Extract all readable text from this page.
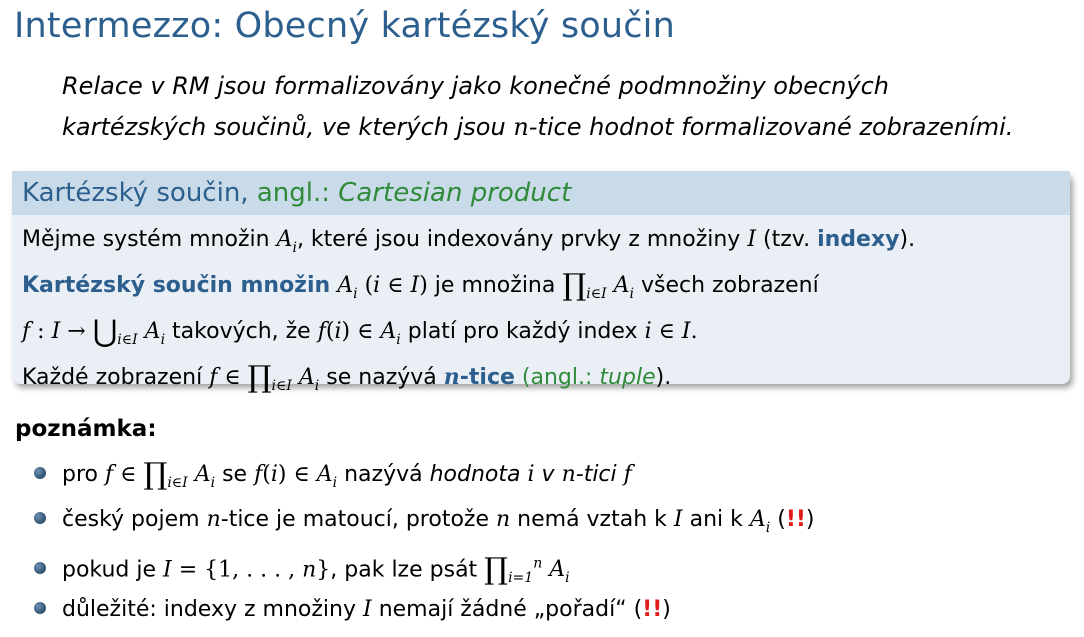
Intermezzo: Obecný kartézský součin
Relace v RM jsou formalizovány jako konečné podmnožiny obecných
kartézských součinů, ve kterých jsou n-tice hodnot formalizované zobrazeními.
Kartézský součin, angl.: Cartesian product
Mějme systém množin $A_i$, které jsou indexovány prvky z množiny I (tzv. indexy).
Kartézský součin množin $A_i$ (i ∈ I) je množina $\prod_{i\in I}$ $A_i$ všech zobrazení
f : $I \to ⋃_{i\in I}$ $A_i$ takových, že f(i) ∈ $A_i$ platí pro každý index i ∈ I.
Každé zobrazení f ∈ $\prod_{i\in I}$ $A_i$ se nazývá n-tice (angl.: tuple).
poznámka:
pro f ∈ $\prod_{i\in I}$ $A_i$ se f(i) ∈ $A_i$ nazývá hodnota i v n-tici f
český pojem n-tice je matoucí, protože n nemá vztah k I ani k $A_i$ (!!)
pokud je I = {1, . . . , n}, pak lze psát $\prod_{i=1}^n$ $A_i$
důležité: indexy z množiny I nemají žádné „pořadí“ (!!)
